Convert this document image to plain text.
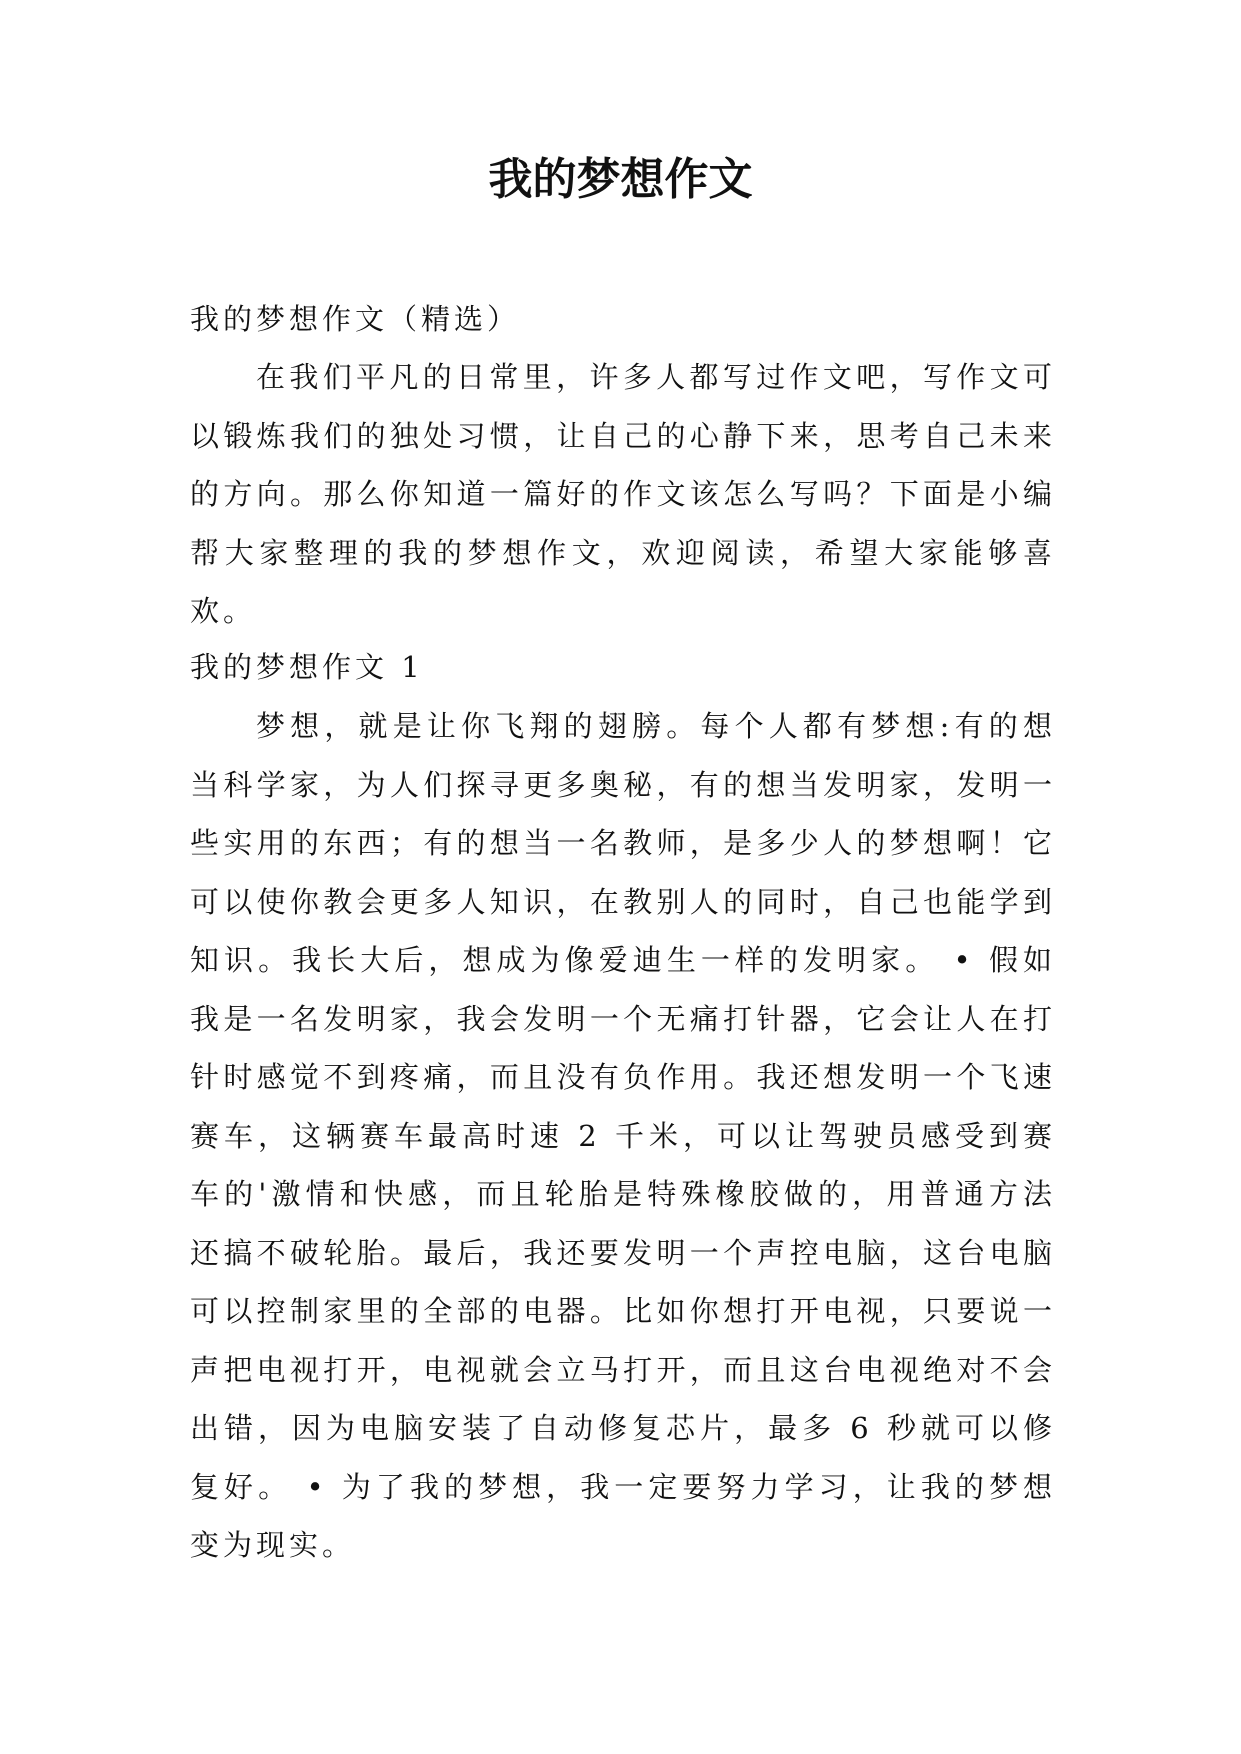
我的梦想作文

我的梦想作文（精选）

在我们平凡的日常里，许多人都写过作文吧，写作文可以锻炼我们的独处习惯，让自己的心静下来，思考自己未来的方向。那么你知道一篇好的作文该怎么写吗？下面是小编帮大家整理的我的梦想作文，欢迎阅读，希望大家能够喜欢。

我的梦想作文 1

梦想，就是让你飞翔的翅膀。每个人都有梦想:有的想当科学家，为人们探寻更多奥秘，有的想当发明家，发明一些实用的东西；有的想当一名教师，是多少人的梦想啊！它可以使你教会更多人知识，在教别人的同时，自己也能学到知识。我长大后，想成为像爱迪生一样的发明家。 • 假如我是一名发明家，我会发明一个无痛打针器，它会让人在打针时感觉不到疼痛，而且没有负作用。我还想发明一个飞速赛车，这辆赛车最高时速 2 千米，可以让驾驶员感受到赛车的'激情和快感，而且轮胎是特殊橡胶做的，用普通方法还搞不破轮胎。最后，我还要发明一个声控电脑，这台电脑可以控制家里的全部的电器。比如你想打开电视，只要说一声把电视打开，电视就会立马打开，而且这台电视绝对不会出错，因为电脑安装了自动修复芯片，最多 6 秒就可以修复好。 • 为了我的梦想，我一定要努力学习，让我的梦想变为现实。
